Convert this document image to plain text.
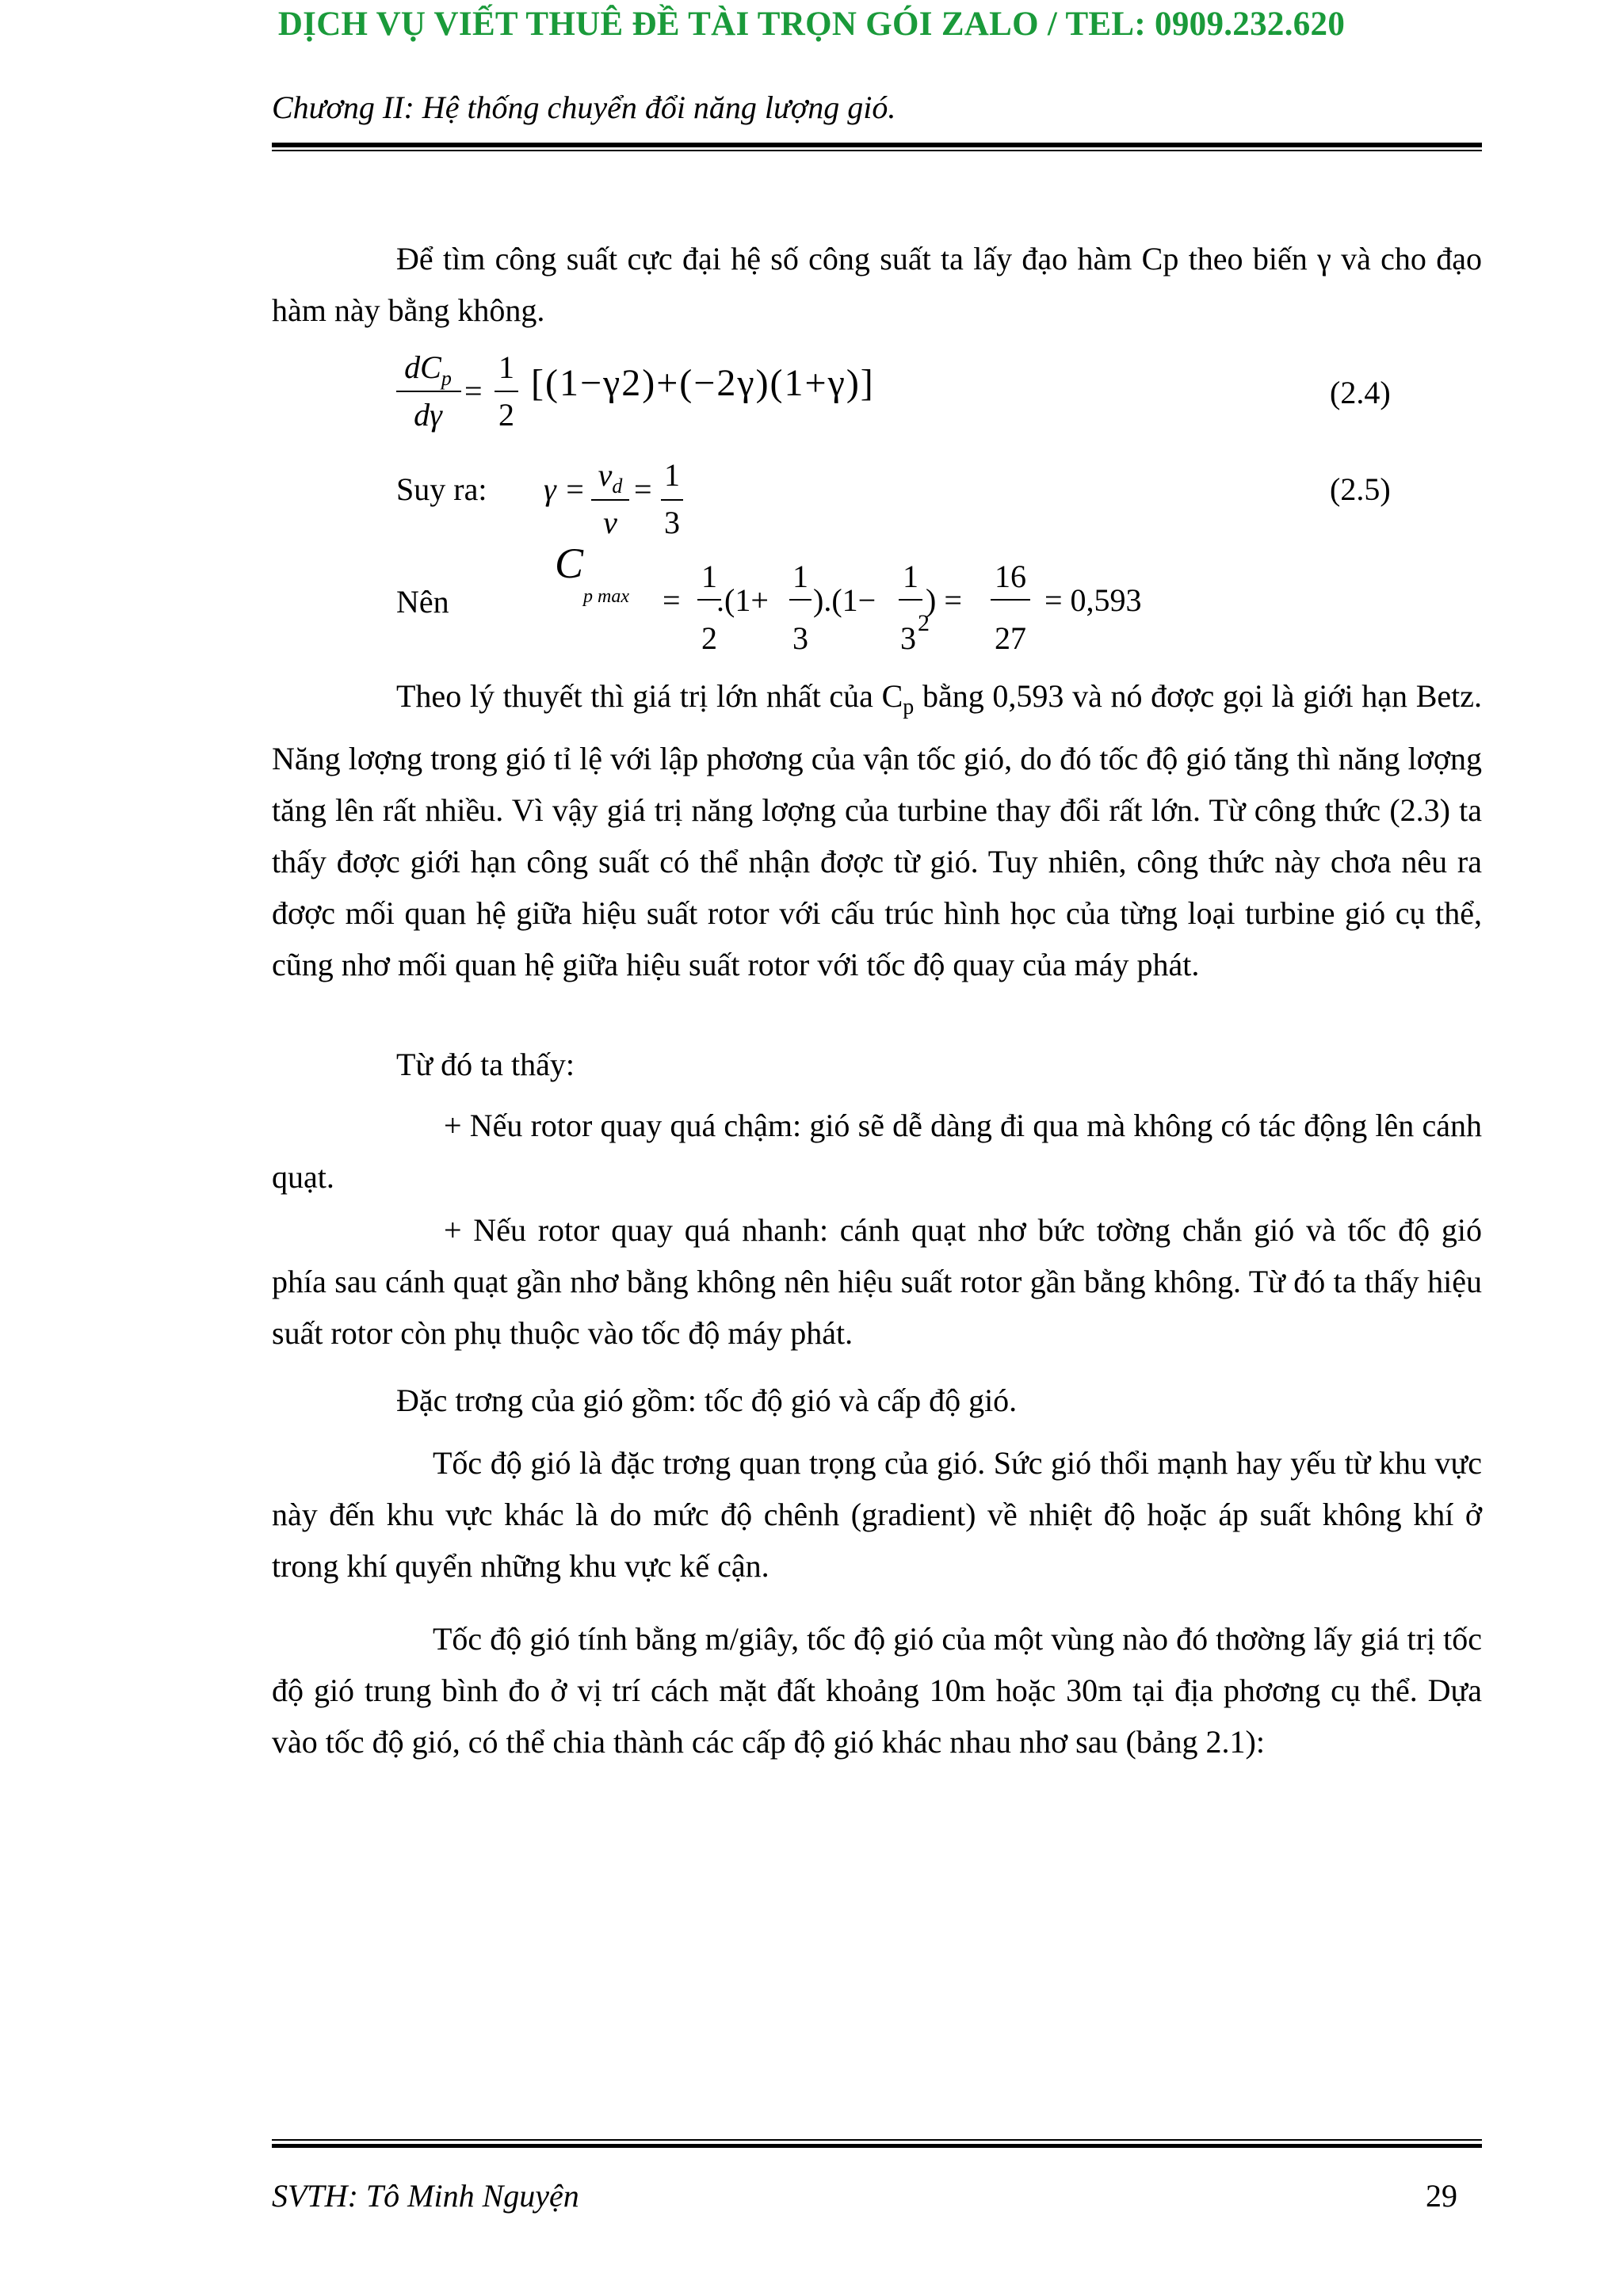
DỊCH VỤ VIẾT THUÊ ĐỀ TÀI TRỌN GÓI ZALO / TEL: 0909.232.620
Chương II: Hệ thống chuyển đổi năng lượng gió.
Để tìm công suất cực đại hệ số công suất ta lấy đạo hàm Cp theo biến γ và cho đạo hàm này bằng không.
$dC_p$
dγ
=
1
2
[(1−γ2)+(−2γ)(1+γ)]	(2.4)
Suy ra: $\gamma = v_d$
v
= 1
3
(2.5)
Nên
C
p max =
1
2
.(1+
1
3
).(1−
1
3 2
) =
16
27
= 0,593
Theo lý thuyết thì giá trị lớn nhất của $C_p$ bằng 0,593 và nó đơợc gọi là giới hạn Betz. Năng lơợng trong gió tỉ lệ với lập phơơng của vận tốc gió, do đó tốc độ gió tăng thì năng lơợng tăng lên rất nhiều. Vì vậy giá trị năng lơợng của turbine thay đổi rất lớn. Từ công thức (2.3) ta thấy đơợc giới hạn công suất có thể nhận đơợc từ gió. Tuy nhiên, công thức này chơa nêu ra đơợc mối quan hệ giữa hiệu suất rotor với cấu trúc hình học của từng loại turbine gió cụ thể, cũng nhơ mối quan hệ giữa hiệu suất rotor với tốc độ quay của máy phát.
Từ đó ta thấy:
+ Nếu rotor quay quá chậm: gió sẽ dễ dàng đi qua mà không có tác động lên cánh quạt.
+ Nếu rotor quay quá nhanh: cánh quạt nhơ bức tơờng chắn gió và tốc độ gió phía sau cánh quạt gần nhơ bằng không nên hiệu suất rotor gần bằng không. Từ đó ta thấy hiệu suất rotor còn phụ thuộc vào tốc độ máy phát.
Đặc trơng của gió gồm: tốc độ gió và cấp độ gió.
Tốc độ gió là đặc trơng quan trọng của gió. Sức gió thổi mạnh hay yếu từ khu vực này đến khu vực khác là do mức độ chênh (gradient) về nhiệt độ hoặc áp suất không khí ở trong khí quyển những khu vực kế cận.
Tốc độ gió tính bằng m/giây, tốc độ gió của một vùng nào đó thơờng lấy giá trị tốc độ gió trung bình đo ở vị trí cách mặt đất khoảng 10m hoặc 30m tại địa phơơng cụ thể. Dựa vào tốc độ gió, có thể chia thành các cấp độ gió khác nhau nhơ sau (bảng 2.1):
SVTH: Tô Minh Nguyện	29
